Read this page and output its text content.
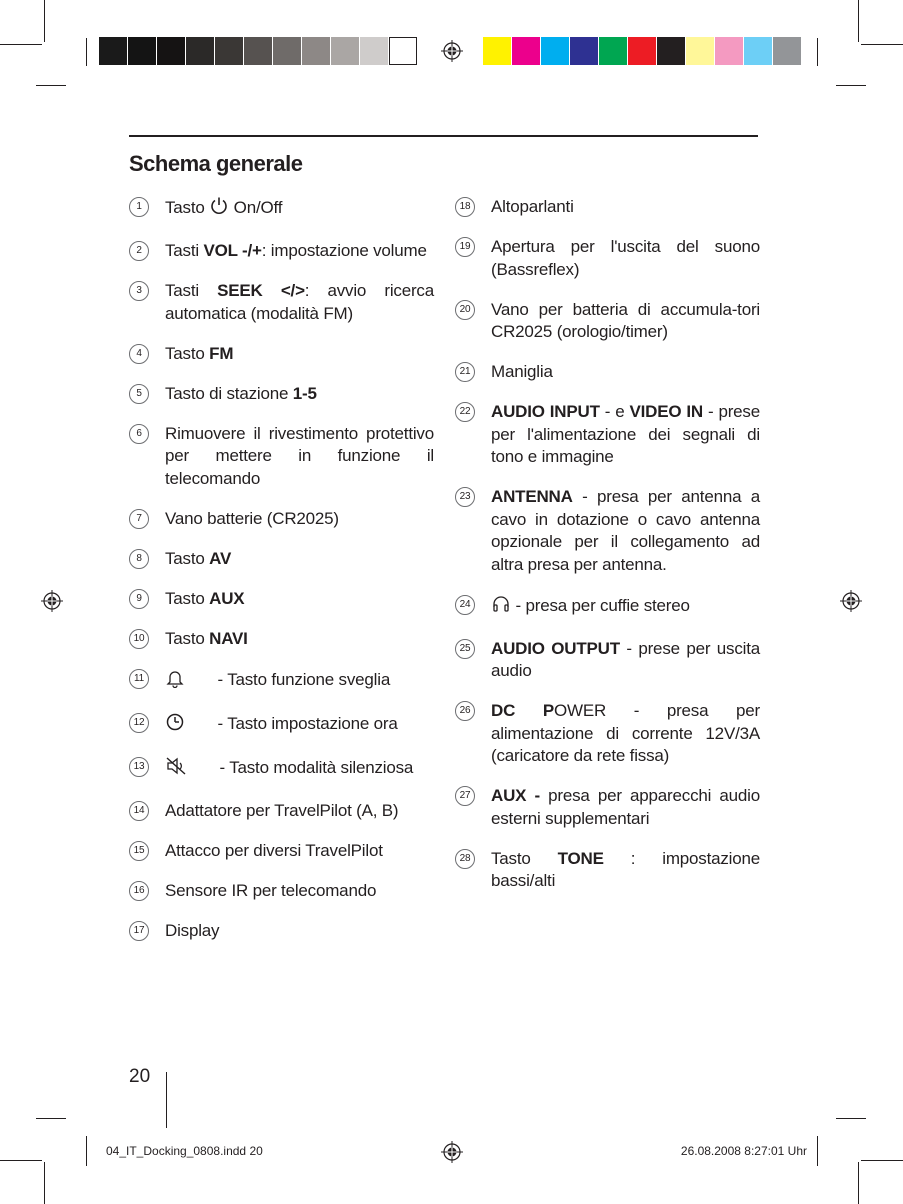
Schema generale
1	Tasto  On/Off
2	Tasti VOL -/+: impostazione volume
3	Tasti SEEK </>: avvio ricerca automatica (modalità FM)
4	Tasto FM
5	Tasto di stazione 1-5
6	Rimuovere il rivestimento protettivo per mettere in funzione il telecomando
7	Vano batterie (CR2025)
8	Tasto AV
9	Tasto AUX
10 Tasto NAVI
11	- Tasto funzione sveglia
12	- Tasto impostazione ora
13	- Tasto modalità silenziosa
14 Adattatore per TravelPilot (A, B)
15 Attacco per diversi TravelPilot
16 Sensore IR per telecomando
17 Display
18 Altoparlanti
19 Apertura per l'uscita del suono (Bassreflex)
20 Vano per batteria di accumula-tori CR2025 (orologio/timer)
21 Maniglia
22 AUDIO INPUT - e VIDEO IN - prese per l'alimentazione dei segnali di tono e immagine
23 ANTENNA - presa per antenna a cavo in dotazione o cavo antenna opzionale per il collegamento ad altra presa per antenna.
24	- presa per cuffie stereo
25 AUDIO OUTPUT - prese per uscita audio
26 DC POWER - presa per alimentazione di corrente 12V/3A (caricatore da rete fissa)
27 AUX - presa per apparecchi audio esterni supplementari
28 Tasto TONE : impostazione bassi/alti
20
04_IT_Docking_0808.indd 20	26.08.2008 8:27:01 Uhr
